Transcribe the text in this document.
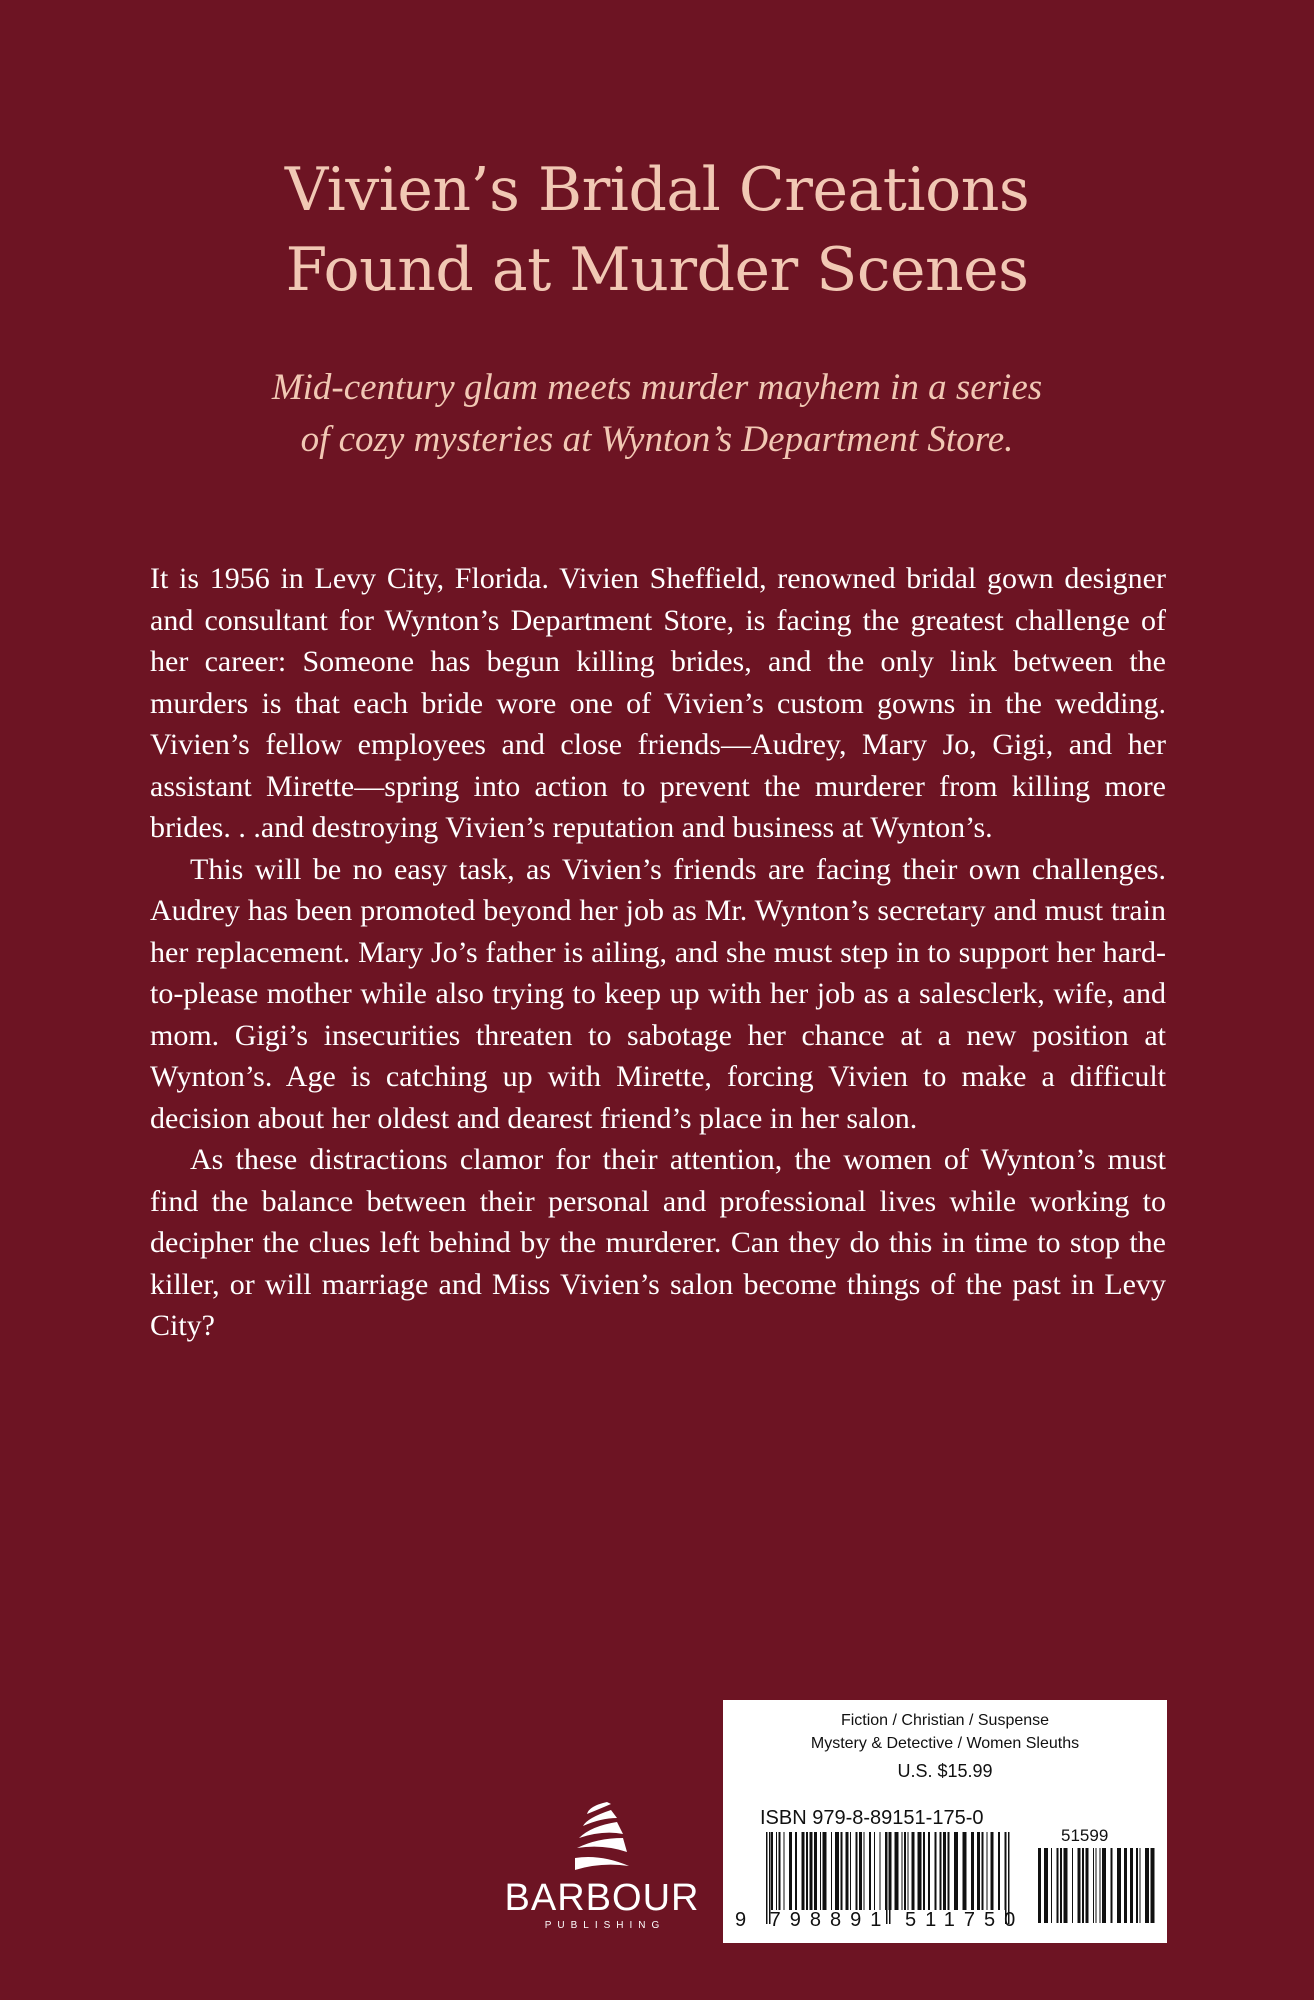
Vivien’s Bridal Creations
Found at Murder Scenes
Mid-century glam meets murder mayhem in a series
of cozy mysteries at Wynton’s Department Store.

It is 1956 in Levy City, Florida. Vivien Sheffield, renowned bridal gown designer and consultant for Wynton’s Department Store, is facing the greatest challenge of her career: Someone has begun killing brides, and the only link between the murders is that each bride wore one of Vivien’s custom gowns in the wedding. Vivien’s fellow employees and close friends—Audrey, Mary Jo, Gigi, and her assistant Mirette—spring into action to prevent the murderer from killing more brides. . .and destroying Vivien’s reputation and business at Wynton’s.

This will be no easy task, as Vivien’s friends are facing their own challenges. Audrey has been promoted beyond her job as Mr. Wynton’s secretary and must train her replacement. Mary Jo’s father is ailing, and she must step in to support her hard-to-please mother while also trying to keep up with her job as a salesclerk, wife, and mom. Gigi’s insecurities threaten to sabotage her chance at a new position at Wynton’s. Age is catching up with Mirette, forcing Vivien to make a difficult decision about her oldest and dearest friend’s place in her salon.

As these distractions clamor for their attention, the women of Wynton’s must find the balance between their personal and professional lives while working to decipher the clues left behind by the murderer. Can they do this in time to stop the killer, or will marriage and Miss Vivien’s salon become things of the past in Levy City?

BARBOUR
PUBLISHING
Fiction / Christian / Suspense
Mystery & Detective / Women Sleuths
U.S. $15.99
ISBN 979-8-89151-175-0
51599
9 798891 511750
